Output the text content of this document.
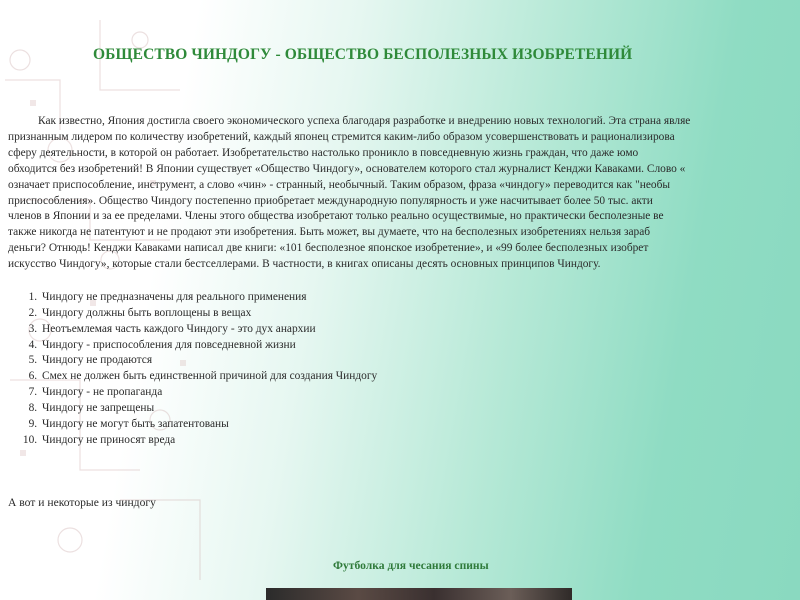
ОБЩЕСТВО ЧИНДОГУ - ОБЩЕСТВО БЕСПОЛЕЗНЫХ ИЗОБРЕТЕНИЙ
Как известно, Япония достигла своего экономического успеха благодаря разработке и внедрению новых технологий. Эта страна являе
признанным лидером по количеству изобретений, каждый японец стремится каким-либо образом усовершенствовать и рационализирова
сферу деятельности, в которой он работает. Изобретательство настолько проникло в повседневную жизнь граждан, что даже юмо
обходится без изобретений! В Японии существует «Общество Чиндогу», основателем которого стал журналист Кенджи Каваками. Слово «
означает приспособление, инструмент, а слово «чин» - странный, необычный. Таким образом, фраза «чиндогу» переводится как "необы
приспособления». Общество Чиндогу постепенно приобретает международную популярность и уже насчитывает более 50 тыс. акти
членов в Японии и за ее пределами. Члены этого общества изобретают только реально осуществимые, но практически бесполезные ве
также никогда не патентуют и не продают эти изобретения. Быть может, вы думаете, что на бесполезных изобретениях нельзя зараб
деньги? Отнюдь! Кенджи Каваками написал две книги: «101 бесполезное японское изобретение», и «99 более бесполезных изобрет
искусство Чиндогу», которые стали бестселлерами. В частности, в книгах описаны десять основных принципов Чиндогу.
1. Чиндогу не предназначены для реального применения
2. Чиндогу должны быть воплощены в вещах
3. Неотъемлемая часть каждого Чиндогу - это дух анархии
4. Чиндогу - приспособления для повседневной жизни
5. Чиндогу не продаются
6. Смех не должен быть единственной причиной для создания Чиндогу
7. Чиндогу - не пропаганда
8. Чиндогу не запрещены
9. Чиндогу не могут быть запатентованы
10. Чиндогу не приносят вреда
А вот и некоторые из чиндогу
Футболка для чесания спины
